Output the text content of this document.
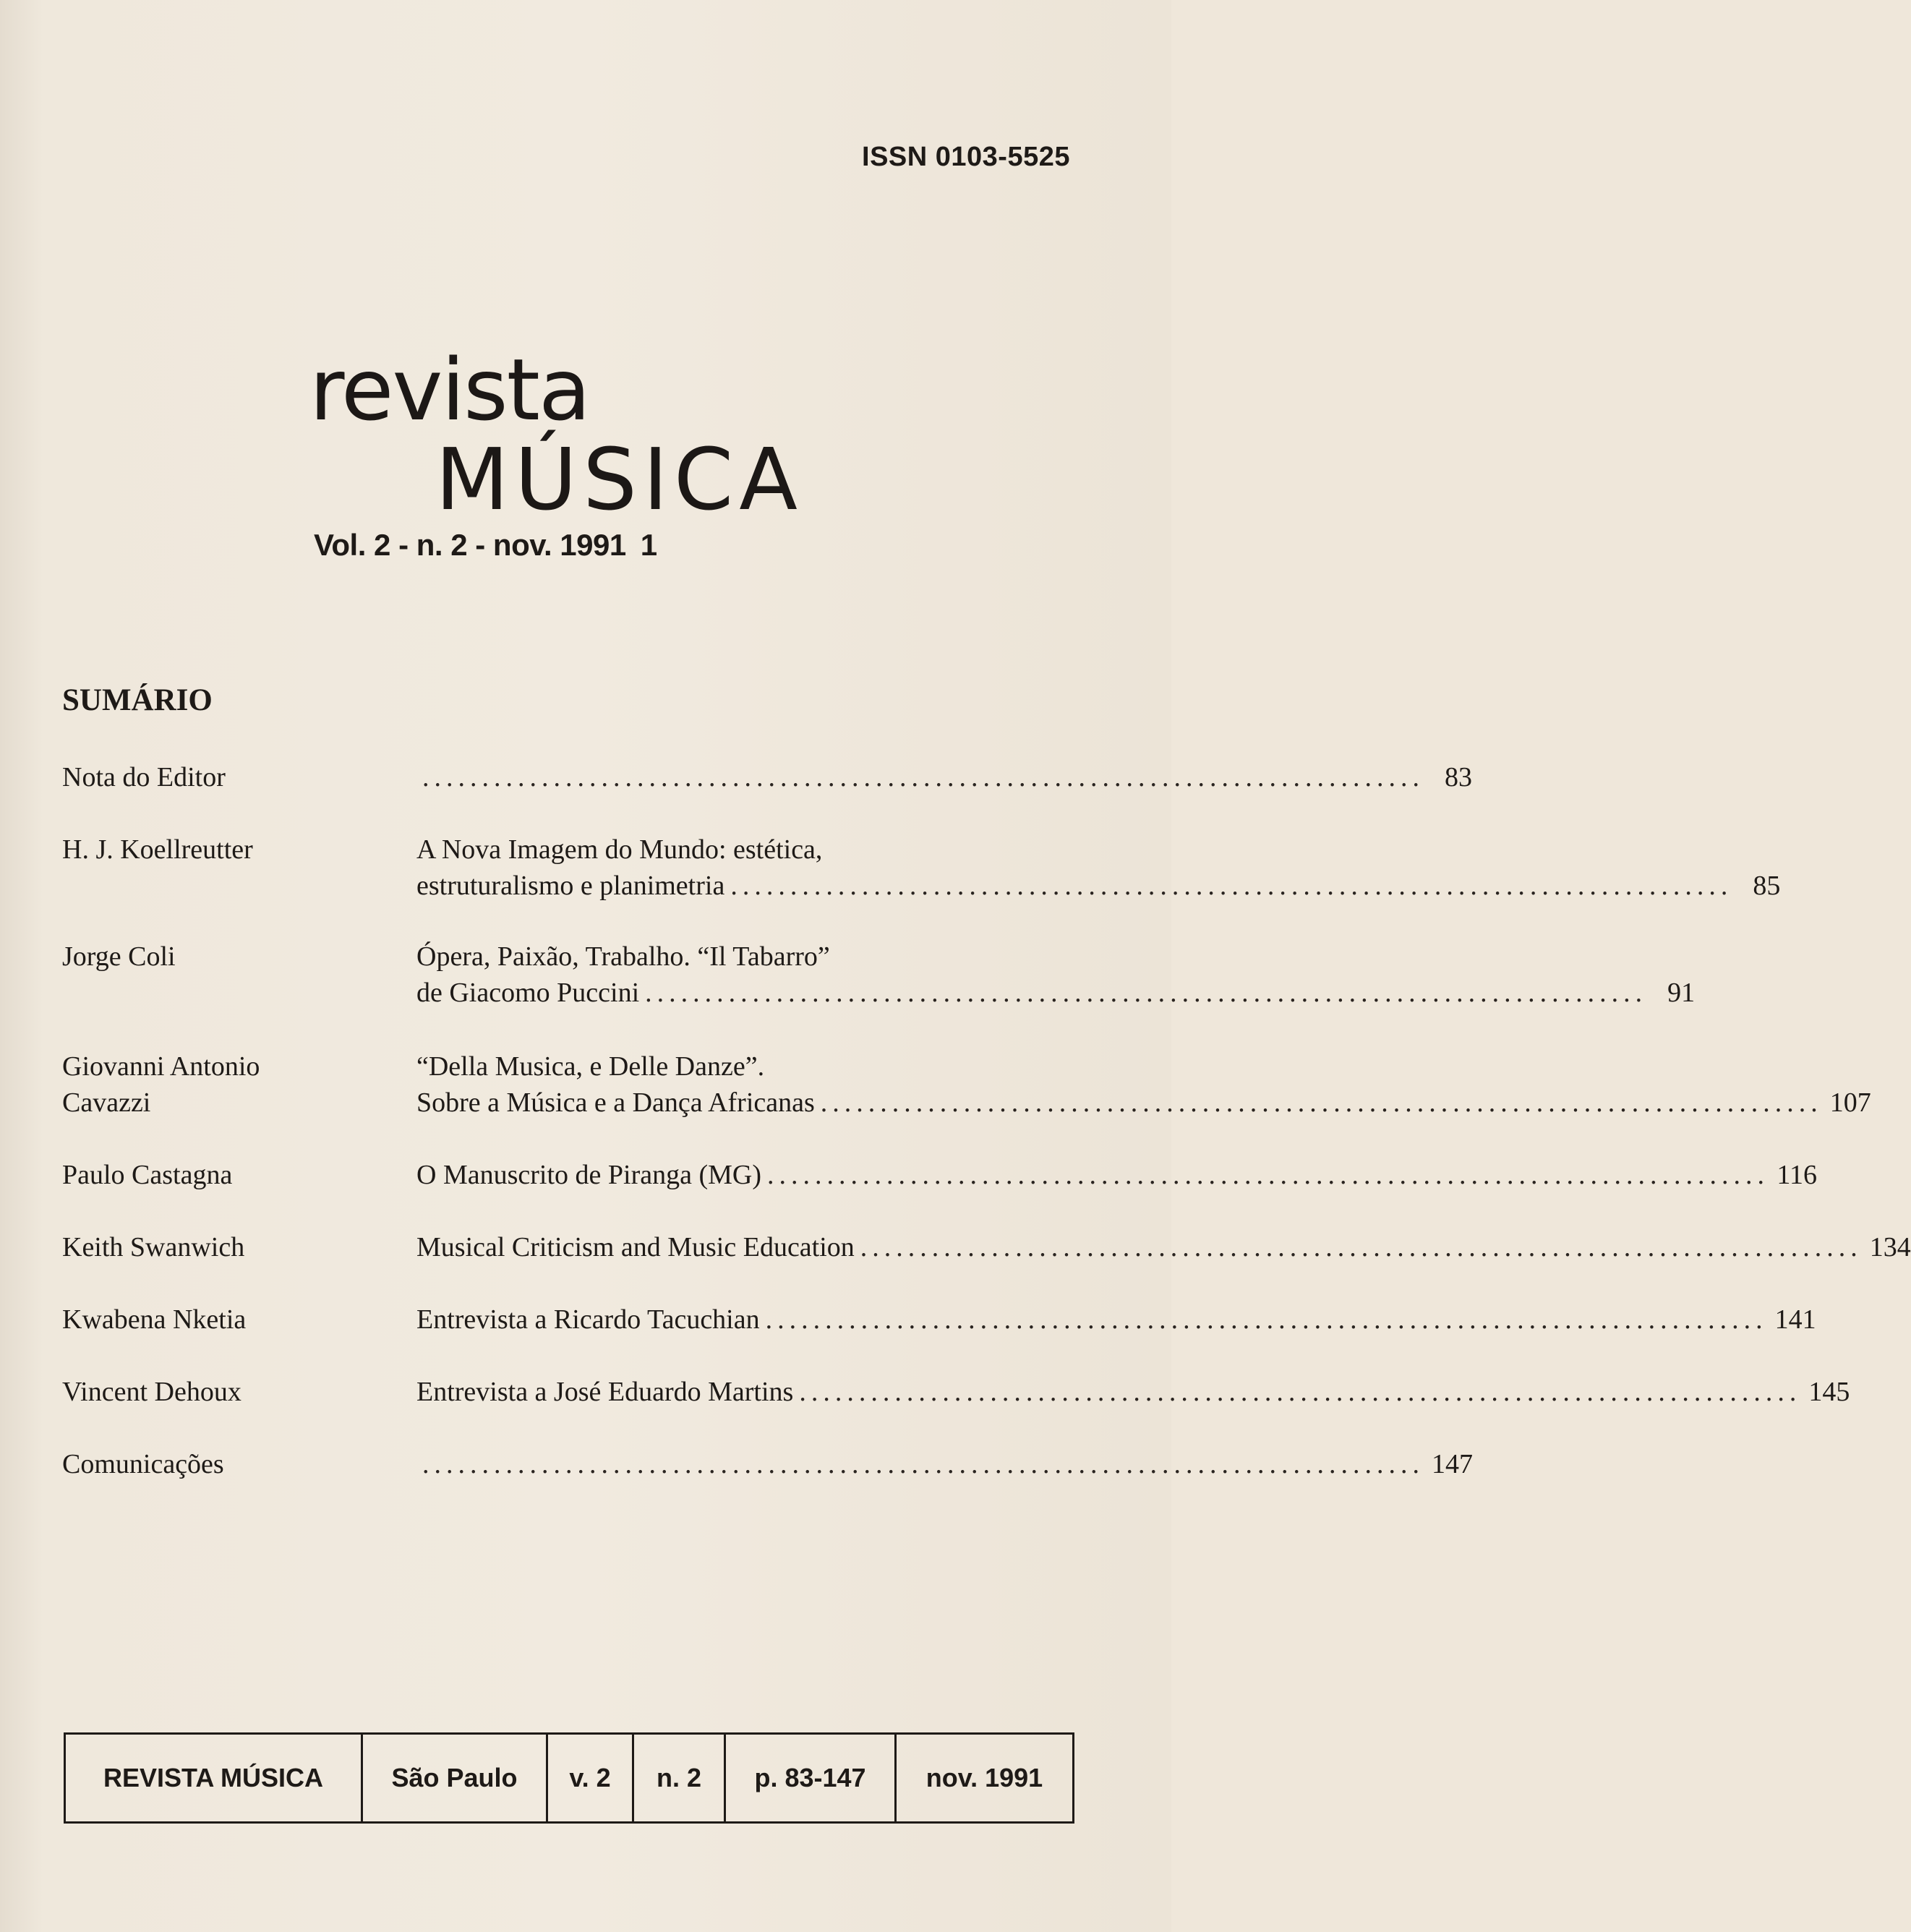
ISSN 0103-5525
revista
MÚSICA
Vol. 2 - n. 2 - nov. 1991 1
SUMÁRIO
Nota do Editor	.................................................................................... 83
H. J. Koellreutter	A Nova Imagem do Mundo: estética,
estruturalismo e planimetria .................................................................................... 85
Jorge Coli	Ópera, Paixão, Trabalho. “Il Tabarro”
de Giacomo Puccini .................................................................................... 91
Giovanni Antonio Cavazzi
“Della Musica, e Delle Danze”.
Sobre a Música e a Dança Africanas .................................................................................... 107
Paulo Castagna	O Manuscrito de Piranga (MG) .................................................................................... 116
Keith Swanwich	Musical Criticism and Music Education .................................................................................... 134
Kwabena Nketia	Entrevista a Ricardo Tacuchian .................................................................................... 141
Vincent Dehoux	Entrevista a José Eduardo Martins .................................................................................... 145
Comunicações	.................................................................................... 147
REVISTA MÚSICA	São Paulo	v. 2	n. 2	p. 83-147	nov. 1991
